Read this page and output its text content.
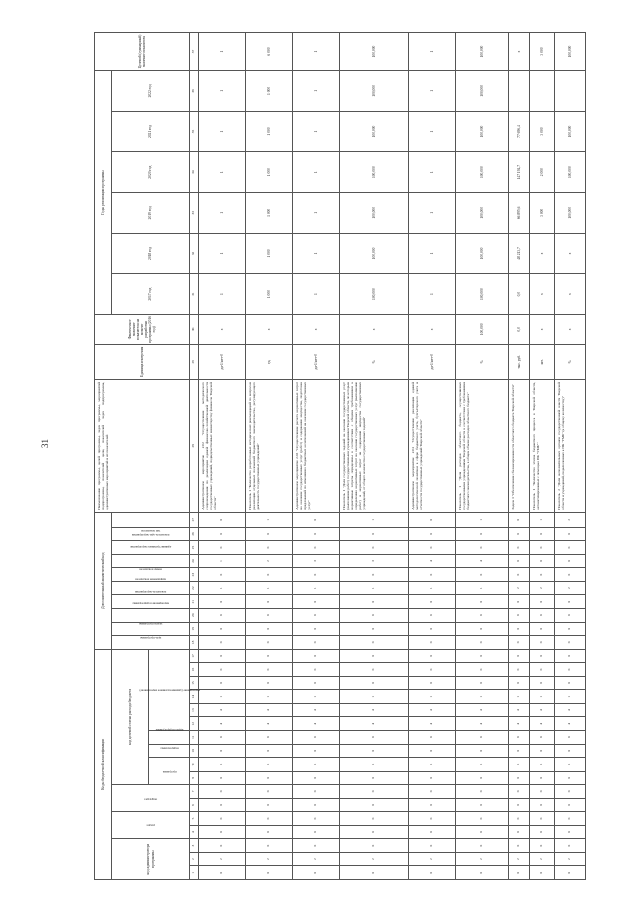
31
Коды бюджетной классификации																	Дополнительный аналитический код										Наименование программы, целей программы, задач программы, мероприятий подпрограммы, показателей цели, показателей задач подпрограммы, административных мероприятий и их показателей	Единица измерения	Фактическое значение показателя на момент разработки программы (2016 год)	Годы реализации программы						Целевой (суммарный) значение показателя
код администратора программы			раздел		подраздел		код целевой статьи расхода бюджета										цель программы	задача программы	мероприятие подпрограммы	показатель мероприятия	направление показателя	номер показателя	административное мероприятие	показатель адм. мероприятия	тип показателя					2017 год	2018 год	2019 год	2020 год	2021 год	2022 год	
							программа		подпрограмма	задача подпрограммы	мероприятие (административное мероприятие)																									
1	2	3	4	5	6	7	8	9	10	11	12	13	14	15	16	17	18	19	20	21	22	23	24	25	26	27	28	29	30	31	32	33	34	35	36	37
0	2	0	0	0	0	0	0	1	0	0	4	4	1	0	0	0	0	0	0	0	1	0	1	0	0	0	Административное мероприятие 2.02 "Осуществление методического сопровождения по реализации единой финансово-хозяйственной деятельности государственных учреждений, подведомственных министерству финансов Тверской области"	да-1/нет-0	х	1	1	1	1	1	1	1
0	2	0	0	0	0	0	0	1	0	0	4	4	1	0	0	0	0	0	0	0	1	0	2	0	0	1	Показатель 1 "Количество разработанных методических рекомендаций по вопросам реализации отдельных положений бюджетного законодательства, регулирующего деятельность государственных учреждений"	ед.	х	1 000	1 000	1 000	1 000	1 000	1 000	6 000
0	2	0	0	0	0	0	0	1	0	0	4	4	1	0	0	0	0	0	0	0	1	0	3	0	0	0	Административное мероприятие 2.03 "Осуществление расчета нормативных затрат на оказание государственных услуг (работ) и содержание имущества, подготовка предложений по изменению бюджетных ассигнований на оказание государственных услуг"	да-1/нет-0	х	1	1	1	1	1	1	1
0	2	0	0	0	0	0	0	1	0	0	4	4	1	0	0	0	0	0	0	0	1	0	3	0	0	1	Показатель 1 "Доля государственных заданий на оказание государственных услуг (выполнение работ) государственными учреждениями Тверской области, по которым нормативные затраты определены в соответствии с общими требованиями к определению нормативных затрат на оказание государственных услуг (выполнение работ) и нормативных затрат на содержание имущества государственных учреждений, от общего количества государственных заданий"	%	х	100,000	100,000	100,000	100,000	100,000	100,000	100,000
0	2	0	0	0	0	0	0	1	0	0	4	4	1	0	0	0	0	0	0	0	1	0	4	0	0	0	Административное мероприятие 2.04 "Осуществление реализации единой методологической политики в сфере бюджетного учета, бухгалтерского учета и отчетности государственных учреждений Тверской области"	да-1/нет-0	х	1	1	1	1	1	1	1
0	2	0	0	0	0	0	0	1	0	0	4	4	1	0	0	0	0	0	0	0	1	0	4	0	0	1	Показатель 1 "Доля расходов областного бюджета, осуществляемых государственными учреждениями Тверской области в соответствии с требованиями бюджетного законодательства, в общем объеме расходов областного бюджета"	%	100,000	100,000	100,000	100,000	100,000	100,000	100,000	100,000
0	2	0	0	0	0	0	0	1	0	0	4	4	1	0	0	0	0	0	0	0	2	0	0	0	0	0	Задача 3 "Обеспечение сбалансированности областного бюджета Тверской области"	тыс. руб.	0,0	0,0	48 213,7	66 895,6	147 194,7	77 696,4		х
0	2	0	0	0	0	0	0	1	0	0	4	4	1	0	0	0	0	0	0	0	2	0	0	0	0	1	Показатель 1 "Количество этапов бюджетного процесса в Тверской области, автоматизированных с помощью ПК "УМБ""	шт.	х	х	х	3 000	2 000	3 000		3 000
0	2	0	0	0	0	0	0	1	0	0	4	4	1	0	0	0	0	0	0	0	2	0	0	0	0	2	Показатель 2 "Доля исполнительных органов государственной власти Тверской области и учреждений, подключенных к ПК "УМБ" (к общему количеству)"	%	х	х	х	100,000	100,000	100,000		100,000
